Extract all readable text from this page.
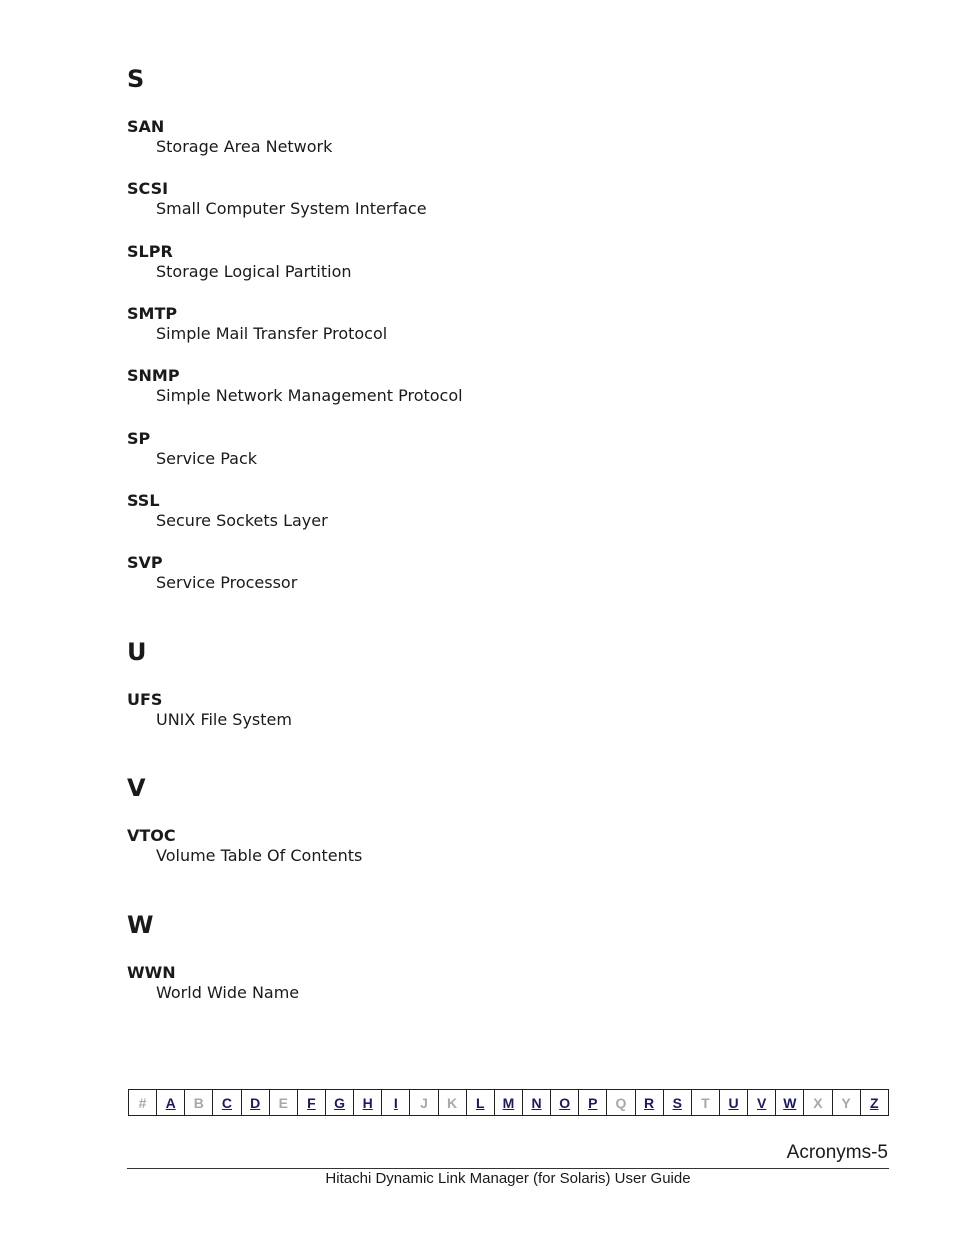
S
SAN
Storage Area Network
SCSI
Small Computer System Interface
SLPR
Storage Logical Partition
SMTP
Simple Mail Transfer Protocol
SNMP
Simple Network Management Protocol
SP
Service Pack
SSL
Secure Sockets Layer
SVP
Service Processor
U
UFS
UNIX File System
V
VTOC
Volume Table Of Contents
W
WWN
World Wide Name
#	A	B	C	D	E	F	G	H	I	J	K	L	M	N	O	P	Q	R	S	T	U	V	W	X	Y	Z
Acronyms-5
Hitachi Dynamic Link Manager (for Solaris) User Guide
